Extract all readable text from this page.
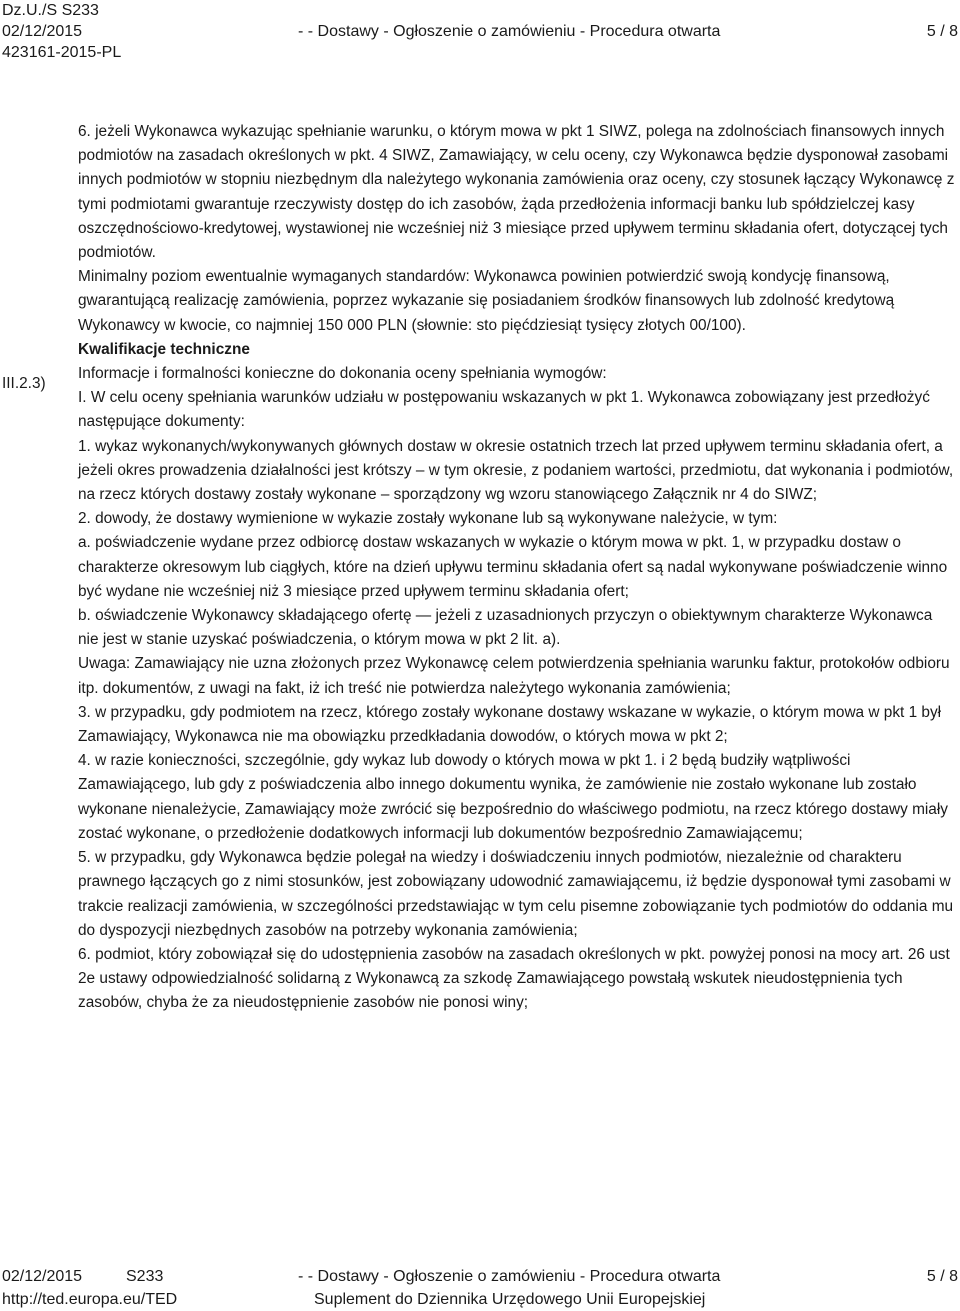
Dz.U./S S233
02/12/2015	- - Dostawy - Ogłoszenie o zamówieniu - Procedura otwarta	5 / 8
423161-2015-PL
III.2.3)

6. jeżeli Wykonawca wykazując spełnianie warunku, o którym mowa w pkt 1 SIWZ, polega na zdolnościach finansowych innych podmiotów na zasadach określonych w pkt. 4 SIWZ, Zamawiający, w celu oceny, czy Wykonawca będzie dysponował zasobami innych podmiotów w stopniu niezbędnym dla należytego wykonania zamówienia oraz oceny, czy stosunek łączący Wykonawcę z tymi podmiotami gwarantuje rzeczywisty dostęp do ich zasobów, żąda przedłożenia informacji banku lub spółdzielczej kasy oszczędnościowo-kredytowej, wystawionej nie wcześniej niż 3 miesiące przed upływem terminu składania ofert, dotyczącej tych podmiotów.

Minimalny poziom ewentualnie wymaganych standardów: Wykonawca powinien potwierdzić swoją kondycję finansową, gwarantującą realizację zamówienia, poprzez wykazanie się posiadaniem środków finansowych lub zdolność kredytową Wykonawcy w kwocie, co najmniej 150 000 PLN (słownie: sto pięćdziesiąt tysięcy złotych 00/100).

Kwalifikacje techniczne

Informacje i formalności konieczne do dokonania oceny spełniania wymogów:

I. W celu oceny spełniania warunków udziału w postępowaniu wskazanych w pkt 1. Wykonawca zobowiązany jest przedłożyć następujące dokumenty:

1. wykaz wykonanych/wykonywanych głównych dostaw w okresie ostatnich trzech lat przed upływem terminu składania ofert, a jeżeli okres prowadzenia działalności jest krótszy – w tym okresie, z podaniem wartości, przedmiotu, dat wykonania i podmiotów, na rzecz których dostawy zostały wykonane – sporządzony wg wzoru stanowiącego Załącznik nr 4 do SIWZ;

2. dowody, że dostawy wymienione w wykazie zostały wykonane lub są wykonywane należycie, w tym:

a. poświadczenie wydane przez odbiorcę dostaw wskazanych w wykazie o którym mowa w pkt. 1, w przypadku dostaw o charakterze okresowym lub ciągłych, które na dzień upływu terminu składania ofert są nadal wykonywane poświadczenie winno być wydane nie wcześniej niż 3 miesiące przed upływem terminu składania ofert;

b. oświadczenie Wykonawcy składającego ofertę — jeżeli z uzasadnionych przyczyn o obiektywnym charakterze Wykonawca nie jest w stanie uzyskać poświadczenia, o którym mowa w pkt 2 lit. a).

Uwaga: Zamawiający nie uzna złożonych przez Wykonawcę celem potwierdzenia spełniania warunku faktur, protokołów odbioru itp. dokumentów, z uwagi na fakt, iż ich treść nie potwierdza należytego wykonania zamówienia;

3. w przypadku, gdy podmiotem na rzecz, którego zostały wykonane dostawy wskazane w wykazie, o którym mowa w pkt 1 był Zamawiający, Wykonawca nie ma obowiązku przedkładania dowodów, o których mowa w pkt 2;

4. w razie konieczności, szczególnie, gdy wykaz lub dowody o których mowa w pkt 1. i 2 będą budziły wątpliwości Zamawiającego, lub gdy z poświadczenia albo innego dokumentu wynika, że zamówienie nie zostało wykonane lub zostało wykonane nienależycie, Zamawiający może zwrócić się bezpośrednio do właściwego podmiotu, na rzecz którego dostawy miały zostać wykonane, o przedłożenie dodatkowych informacji lub dokumentów bezpośrednio Zamawiającemu;

5. w przypadku, gdy Wykonawca będzie polegał na wiedzy i doświadczeniu innych podmiotów, niezależnie od charakteru prawnego łączących go z nimi stosunków, jest zobowiązany udowodnić zamawiającemu, iż będzie dysponował tymi zasobami w trakcie realizacji zamówienia, w szczególności przedstawiając w tym celu pisemne zobowiązanie tych podmiotów do oddania mu do dyspozycji niezbędnych zasobów na potrzeby wykonania zamówienia;

6. podmiot, który zobowiązał się do udostępnienia zasobów na zasadach określonych w pkt. powyżej ponosi na mocy art. 26 ust 2e ustawy odpowiedzialność solidarną z Wykonawcą za szkodę Zamawiającego powstałą wskutek nieudostępnienia tych zasobów, chyba że za nieudostępnienie zasobów nie ponosi winy;

02/12/2015	S233	- - Dostawy - Ogłoszenie o zamówieniu - Procedura otwarta	5 / 8
http://ted.europa.eu/TED	Suplement do Dziennika Urzędowego Unii Europejskiej
